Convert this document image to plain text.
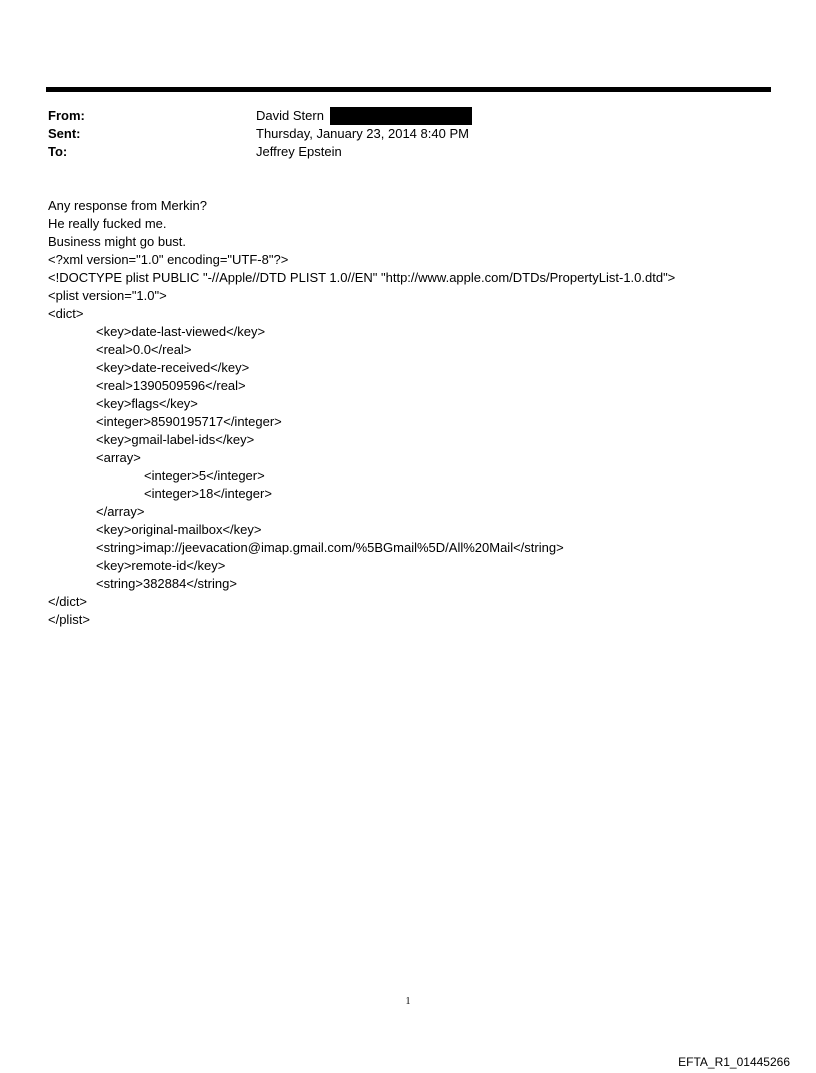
From:	David Stern
Sent:	Thursday, January 23, 2014 8:40 PM
To:	Jeffrey Epstein
Any response from Merkin?
He really fucked me.
Business might go bust.
<?xml version="1.0" encoding="UTF-8"?>
<!DOCTYPE plist PUBLIC "-//Apple//DTD PLIST 1.0//EN" "http://www.apple.com/DTDs/PropertyList-1.0.dtd">
<plist version="1.0">
<dict>
<key>date-last-viewed</key>
<real>0.0</real>
<key>date-received</key>
<real>1390509596</real>
<key>flags</key>
<integer>8590195717</integer>
<key>gmail-label-ids</key>
<array>
<integer>5</integer>
<integer>18</integer>
</array>
<key>original-mailbox</key>
<string>imap://jeevacation@imap.gmail.com/%5BGmail%5D/All%20Mail</string>
<key>remote-id</key>
<string>382884</string>
</dict>
</plist>
1
EFTA_R1_01445266
